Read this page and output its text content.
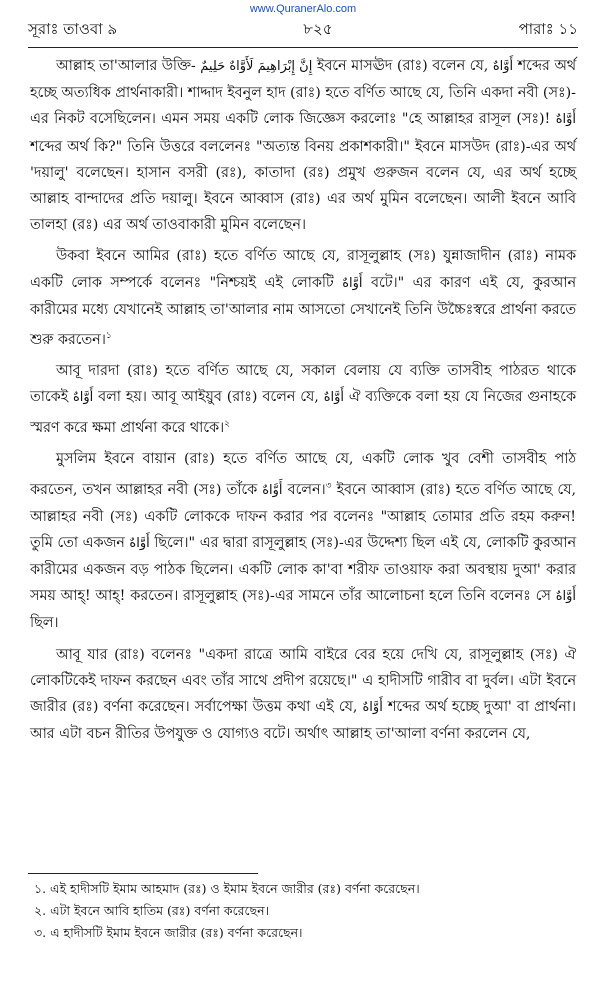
www.QuranerAlo.com
সূরাঃ তাওবা ৯	৮২৫	পারাঃ ১১

আল্লাহ তা'আলার উক্তি- إِنَّ إِبْرَاهِيمَ لَأَوَّاهٌ حَلِيمٌ ইবনে মাসঊদ (রাঃ) বলেন যে, أَوَّاهٌ শব্দের অর্থ হচ্ছে অত্যধিক প্রার্থনাকারী। শাদ্দাদ ইবনুল হাদ (রাঃ) হতে বর্ণিত আছে যে, তিনি একদা নবী (সঃ)-এর নিকট বসেছিলেন। এমন সময় একটি লোক জিজ্ঞেস করলোঃ "হে আল্লাহর রাসূল (সঃ)! أَوَّاهٌ শব্দের অর্থ কি?" তিনি উত্তরে বললেনঃ "অত্যন্ত বিনয় প্রকাশকারী।" ইবনে মাসউদ (রাঃ)-এর অর্থ 'দয়ালু' বলেছেন। হাসান বসরী (রঃ), কাতাদা (রঃ) প্রমুখ গুরুজন বলেন যে, এর অর্থ হচ্ছে আল্লাহ বান্দাদের প্রতি দয়ালু। ইবনে আব্বাস (রাঃ) এর অর্থ মুমিন বলেছেন। আলী ইবনে আবি তালহা (রঃ) এর অর্থ তাওবাকারী মুমিন বলেছেন।

উকবা ইবনে আমির (রাঃ) হতে বর্ণিত আছে যে, রাসূলুল্লাহ (সঃ) যুন্নাজাদীন (রাঃ) নামক একটি লোক সম্পর্কে বলেনঃ "নিশ্চয়ই এই লোকটি أَوَّاهٌ বটে।" এর কারণ এই যে, কুরআন কারীমের মধ্যে যেখানেই আল্লাহ তা'আলার নাম আসতো সেখানেই তিনি উচ্চৈঃস্বরে প্রার্থনা করতে শুরু করতেন।$^১$

আবূ দারদা (রাঃ) হতে বর্ণিত আছে যে, সকাল বেলায় যে ব্যক্তি তাসবীহ পাঠরত থাকে তাকেই أَوَّاهٌ বলা হয়। আবূ আইয়ুব (রাঃ) বলেন যে, أَوَّاهٌ ঐ ব্যক্তিকে বলা হয় যে নিজের গুনাহকে স্মরণ করে ক্ষমা প্রার্থনা করে থাকে।$^২$

মুসলিম ইবনে বায়ান (রাঃ) হতে বর্ণিত আছে যে, একটি লোক খুব বেশী তাসবীহ পাঠ করতেন, তখন আল্লাহর নবী (সঃ) তাঁকে أَوَّاهٌ বলেন।$^৩$ ইবনে আব্বাস (রাঃ) হতে বর্ণিত আছে যে, আল্লাহর নবী (সঃ) একটি লোককে দাফন করার পর বলেনঃ "আল্লাহ তোমার প্রতি রহম করুন! তুমি তো একজন أَوَّاهٌ ছিলে।" এর দ্বারা রাসূলুল্লাহ (সঃ)-এর উদ্দেশ্য ছিল এই যে, লোকটি কুরআন কারীমের একজন বড় পাঠক ছিলেন। একটি লোক কা'বা শরীফ তাওয়াফ করা অবস্থায় দুআ' করার সময় আহ্! আহ্! করতেন। রাসূলুল্লাহ (সঃ)-এর সামনে তাঁর আলোচনা হলে তিনি বলেনঃ সে أَوَّاهٌ ছিল।

আবূ যার (রাঃ) বলেনঃ "একদা রাত্রে আমি বাইরে বের হয়ে দেখি যে, রাসূলুল্লাহ (সঃ) ঐ লোকটিকেই দাফন করছেন এবং তাঁর সাথে প্রদীপ রয়েছে।" এ হাদীসটি গারীব বা দুর্বল। এটা ইবনে জারীর (রঃ) বর্ণনা করেছেন। সর্বাপেক্ষা উত্তম কথা এই যে, أَوَّاهٌ শব্দের অর্থ হচ্ছে দুআ' বা প্রার্থনা। আর এটা বচন রীতির উপযুক্ত ও যোগ্যও বটে। অর্থাৎ আল্লাহ তা'আলা বর্ণনা করলেন যে,

১. এই হাদীসটি ইমাম আহমাদ (রঃ) ও ইমাম ইবনে জারীর (রঃ) বর্ণনা করেছেন।
২. এটা ইবনে আবি হাতিম (রঃ) বর্ণনা করেছেন।
৩. এ হাদীসটি ইমাম ইবনে জারীর (রঃ) বর্ণনা করেছেন।
